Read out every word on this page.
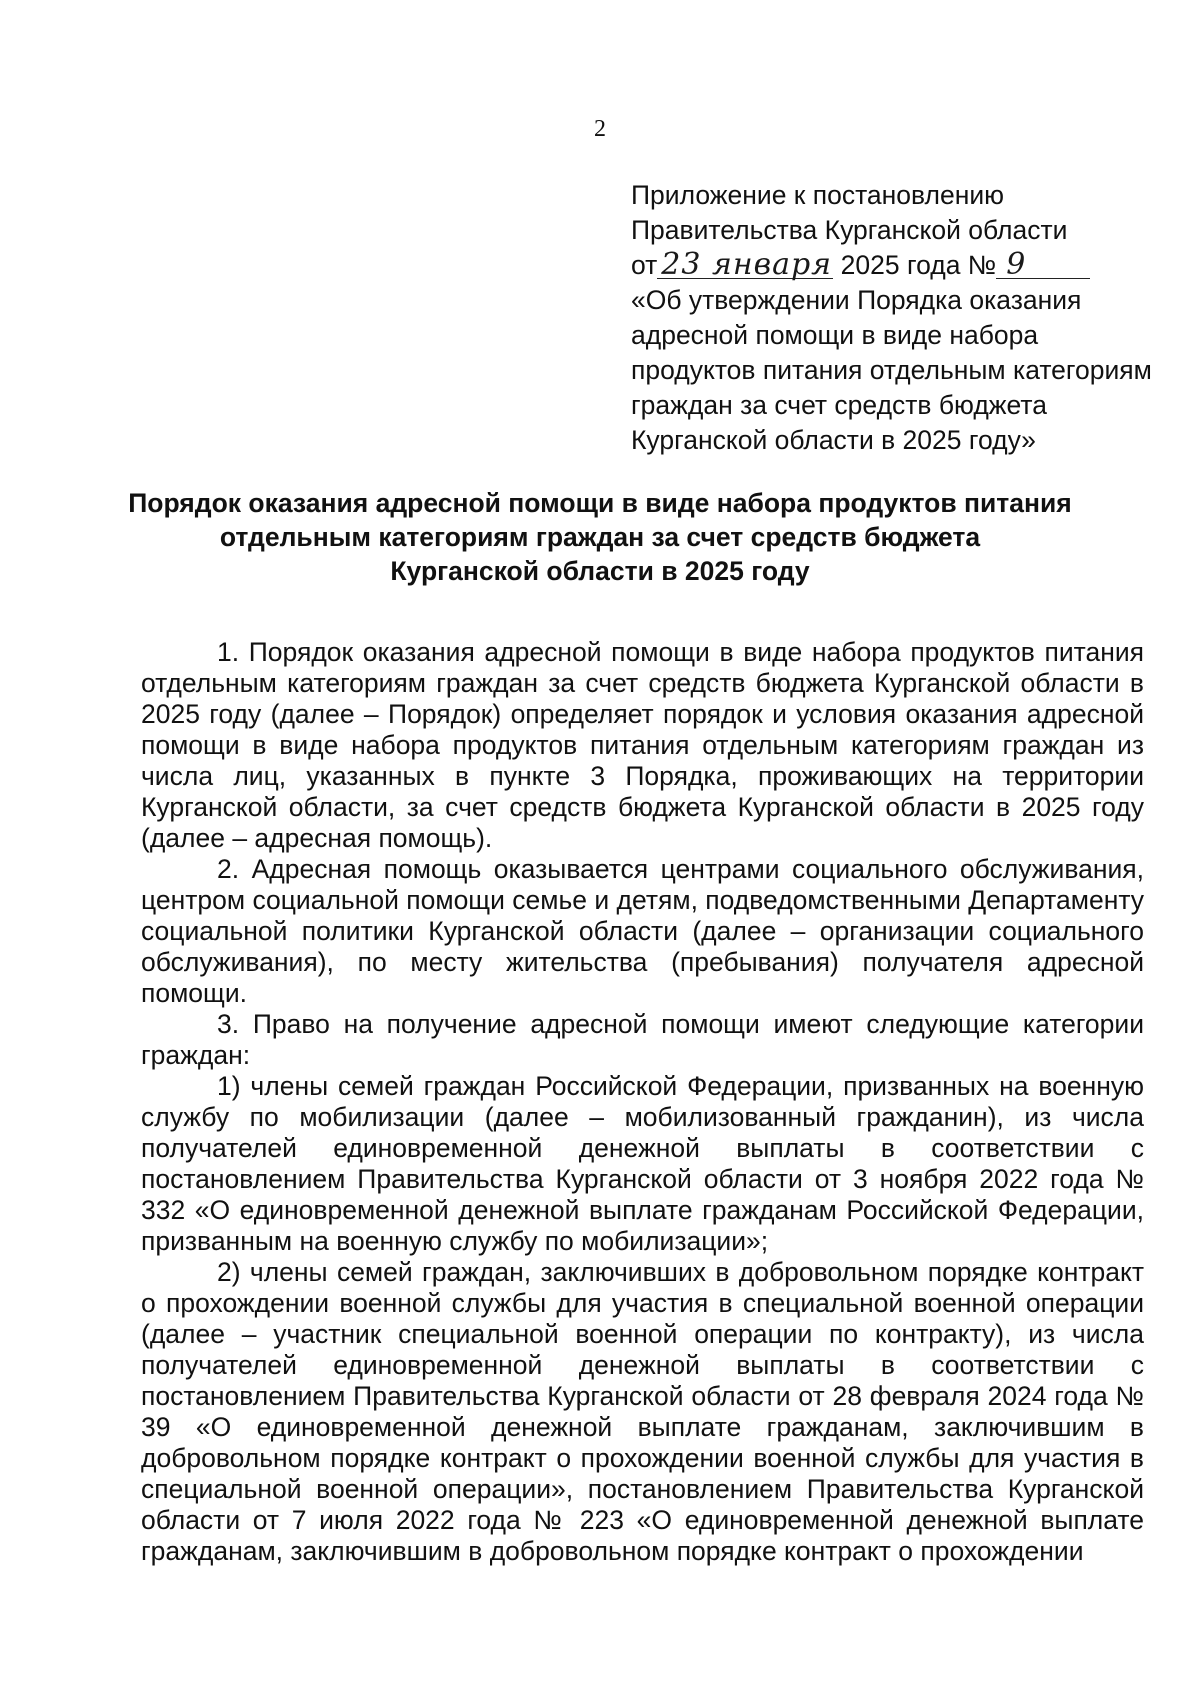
2
Приложение к постановлению
Правительства Курганской области
от 23 января 2025 года № 9
«Об утверждении Порядка оказания
адресной помощи в виде набора
продуктов питания отдельным категориям
граждан за счет средств бюджета
Курганской области в 2025 году»
Порядок оказания адресной помощи в виде набора продуктов питания
отдельным категориям граждан за счет средств бюджета
Курганской области в 2025 году

1. Порядок оказания адресной помощи в виде набора продуктов питания отдельным категориям граждан за счет средств бюджета Курганской области в 2025 году (далее – Порядок) определяет порядок и условия оказания адресной помощи в виде набора продуктов питания отдельным категориям граждан из числа лиц, указанных в пункте 3 Порядка, проживающих на территории Курганской области, за счет средств бюджета Курганской области в 2025 году (далее – адресная помощь).

2. Адресная помощь оказывается центрами социального обслуживания, центром социальной помощи семье и детям, подведомственными Департаменту социальной политики Курганской области (далее – организации социального обслуживания), по месту жительства (пребывания) получателя адресной помощи.

3. Право на получение адресной помощи имеют следующие категории граждан:

1) члены семей граждан Российской Федерации, призванных на военную службу по мобилизации (далее – мобилизованный гражданин), из числа получателей единовременной денежной выплаты в соответствии с постановлением Правительства Курганской области от 3 ноября 2022 года № 332 «О единовременной денежной выплате гражданам Российской Федерации, призванным на военную службу по мобилизации»;

2) члены семей граждан, заключивших в добровольном порядке контракт о прохождении военной службы для участия в специальной военной операции (далее – участник специальной военной операции по контракту), из числа получателей единовременной денежной выплаты в соответствии с постановлением Правительства Курганской области от 28 февраля 2024 года № 39 «О единовременной денежной выплате гражданам, заключившим в добровольном порядке контракт о прохождении военной службы для участия в специальной военной операции», постановлением Правительства Курганской области от 7 июля 2022 года № 223 «О единовременной денежной выплате гражданам, заключившим в добровольном порядке контракт о прохождении
